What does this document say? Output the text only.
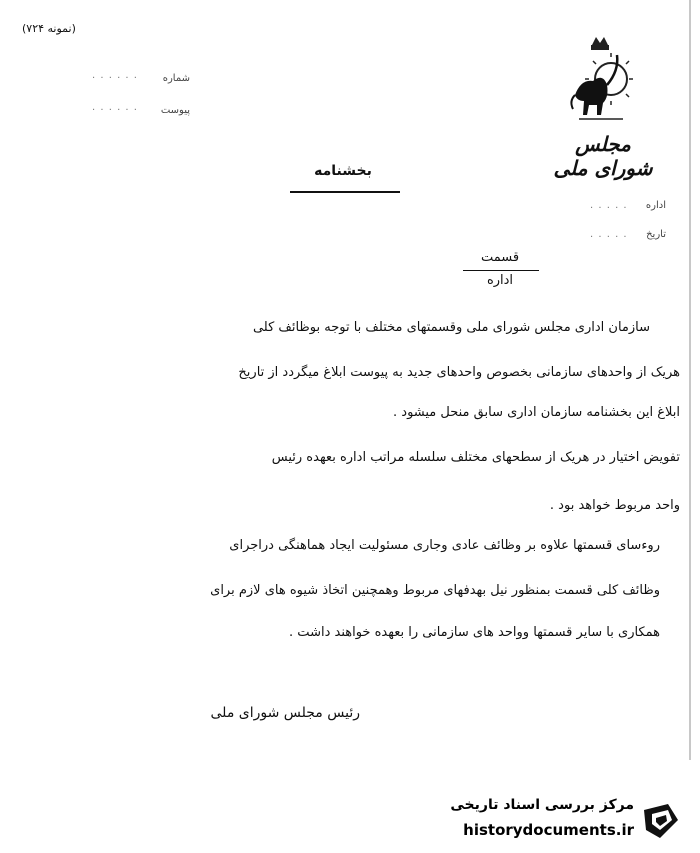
(نمونه ۷۲۴)
شماره
· · · · · ·
پیوست
· · · · · ·
مجلس شورای ملی
· · · · ·	اداره
· · · · ·	تاریخ
بخشنامه
قسمت
اداره
سازمان اداری مجلس شورای ملی وقسمتهای مختلف با توجه بوظائف کلی
هریک از واحدهای سازمانی بخصوص واحدهای جدید به پیوست ابلاغ میگردد از تاریخ
ابلاغ این بخشنامه سازمان اداری سابق منحل میشود .
تفویض اختیار در هریک از سطحهای مختلف سلسله مراتب اداره بعهده رئیس
واحد مربوط خواهد بود .
روءسای قسمتها علاوه بر وظائف عادی وجاری مسئولیت ایجاد هماهنگی دراجرای
وظائف کلی قسمت بمنظور نیل بهدفهای مربوط وهمچنین اتخاذ شیوه های لازم برای
همکاری با سایر قسمتها وواحد های سازمانی را بعهده خواهند داشت .
رئیس مجلس شورای ملی
مرکز بررسی اسناد تاریخی
historydocuments.ir
